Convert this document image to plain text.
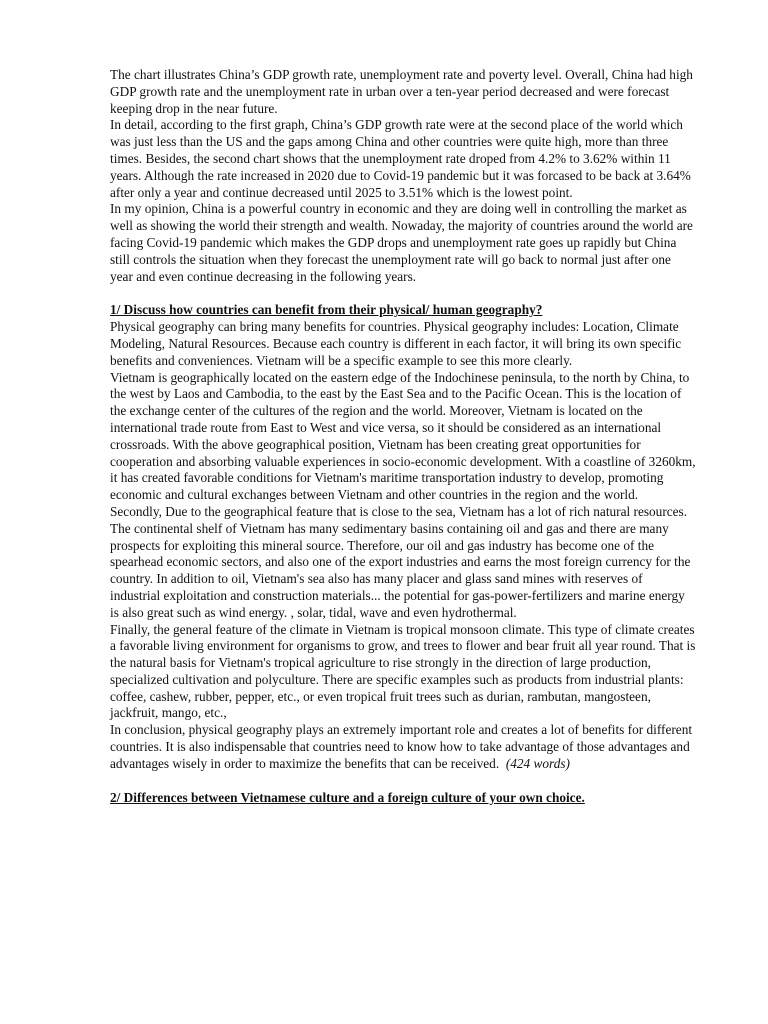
The chart illustrates China’s GDP growth rate, unemployment rate and poverty level. Overall, China had high GDP growth rate and the unemployment rate in urban over a ten-year period decreased and were forecast keeping drop in the near future.

In detail, according to the first graph, China’s GDP growth rate were at the second place of the world which was just less than the US and the gaps among China and other countries were quite high, more than three times. Besides, the second chart shows that the unemployment rate droped from 4.2% to 3.62% within 11 years. Although the rate increased in 2020 due to Covid-19 pandemic but it was forcased to be back at 3.64% after only a year and continue decreased until 2025 to 3.51% which is the lowest point.

In my opinion, China is a powerful country in economic and they are doing well in controlling the market as well as showing the world their strength and wealth. Nowaday, the majority of countries around the world are facing Covid-19 pandemic which makes the GDP drops and unemployment rate goes up rapidly but China still controls the situation when they forecast the unemployment rate will go back to normal just after one year and even continue decreasing in the following years.

1/ Discuss how countries can benefit from their physical/ human geography?

Physical geography can bring many benefits for countries. Physical geography includes: Location, Climate Modeling, Natural Resources. Because each country is different in each factor, it will bring its own specific benefits and conveniences. Vietnam will be a specific example to see this more clearly.

Vietnam is geographically located on the eastern edge of the Indochinese peninsula, to the north by China, to the west by Laos and Cambodia, to the east by the East Sea and to the Pacific Ocean. This is the location of the exchange center of the cultures of the region and the world. Moreover, Vietnam is located on the international trade route from East to West and vice versa, so it should be considered as an international crossroads. With the above geographical position, Vietnam has been creating great opportunities for cooperation and absorbing valuable experiences in socio-economic development. With a coastline of 3260km, it has created favorable conditions for Vietnam's maritime transportation industry to develop, promoting economic and cultural exchanges between Vietnam and other countries in the region and the world.

Secondly, Due to the geographical feature that is close to the sea, Vietnam has a lot of rich natural resources. The continental shelf of Vietnam has many sedimentary basins containing oil and gas and there are many prospects for exploiting this mineral source. Therefore, our oil and gas industry has become one of the spearhead economic sectors, and also one of the export industries and earns the most foreign currency for the country. In addition to oil, Vietnam's sea also has many placer and glass sand mines with reserves of industrial exploitation and construction materials... the potential for gas-power-fertilizers and marine energy is also great such as wind energy. , solar, tidal, wave and even hydrothermal.

Finally, the general feature of the climate in Vietnam is tropical monsoon climate. This type of climate creates a favorable living environment for organisms to grow, and trees to flower and bear fruit all year round. That is the natural basis for Vietnam's tropical agriculture to rise strongly in the direction of large production, specialized cultivation and polyculture. There are specific examples such as products from industrial plants: coffee, cashew, rubber, pepper, etc., or even tropical fruit trees such as durian, rambutan, mangosteen, jackfruit, mango, etc.,

In conclusion, physical geography plays an extremely important role and creates a lot of benefits for different countries. It is also indispensable that countries need to know how to take advantage of those advantages and advantages wisely in order to maximize the benefits that can be received. (424 words)

2/ Differences between Vietnamese culture and a foreign culture of your own choice.
